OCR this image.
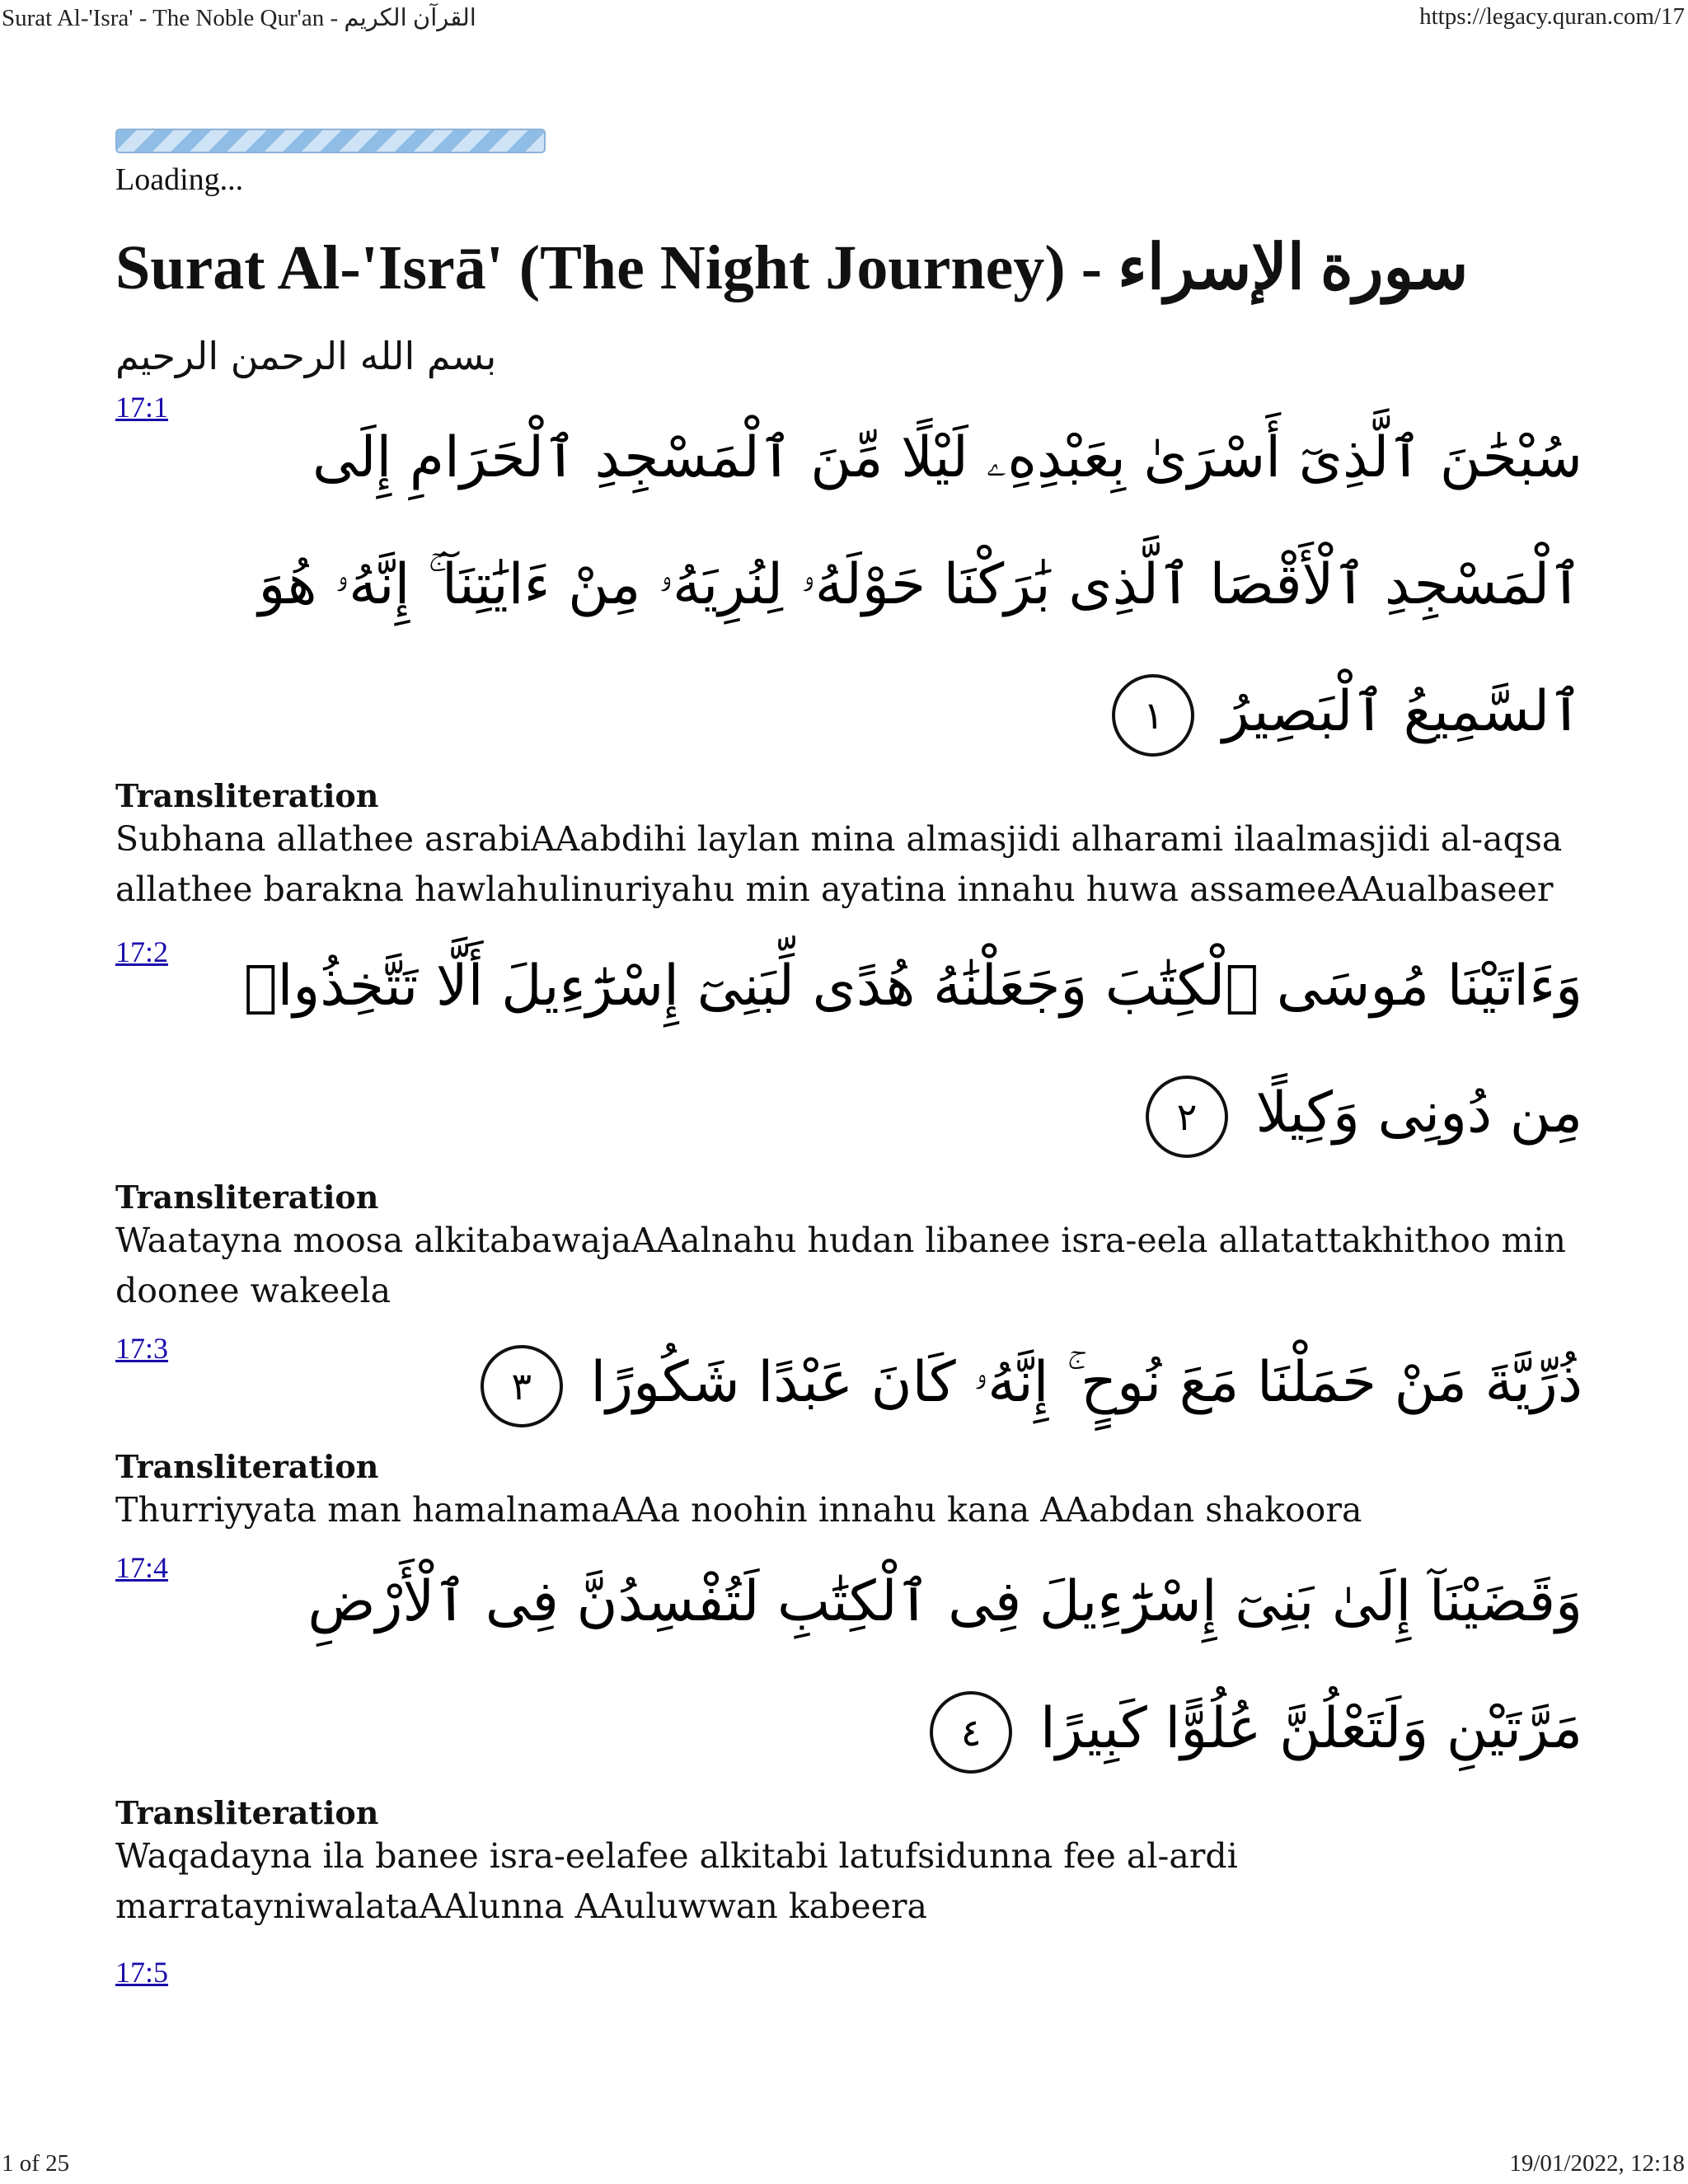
Surat Al-'Isra' - The Noble Qur'an - القرآن الكريم	https://legacy.quran.com/17
Loading...
Surat Al-'Isrā' (The Night Journey) - سورة الإسراء
بسم الله الرحمن الرحيم
17:1
سُبْحَٰنَ ٱلَّذِىٓ أَسْرَىٰ بِعَبْدِهِۦ لَيْلًا مِّنَ ٱلْمَسْجِدِ ٱلْحَرَامِ إِلَى ٱلْمَسْجِدِ ٱلْأَقْصَا ٱلَّذِى بَٰرَكْنَا حَوْلَهُۥ لِنُرِيَهُۥ مِنْ ءَايَٰتِنَآ ۚ إِنَّهُۥ هُوَ ٱلسَّمِيعُ ٱلْبَصِيرُ ١
Transliteration
Subhana allathee asrabiAAabdihi laylan mina almasjidi alharami ilaalmasjidi al-aqsa allathee barakna hawlahulinuriyahu min ayatina innahu huwa assameeAAualbaseer
17:2
وَءَاتَيْنَا مُوسَى ٱلْكِتَٰبَ وَجَعَلْنَٰهُ هُدًى لِّبَنِىٓ إِسْرَٰٓءِيلَ أَلَّا تَتَّخِذُوا۟ مِن دُونِى وَكِيلًا ٢
Transliteration
Waatayna moosa alkitabawajaAAalnahu hudan libanee isra-eela allatattakhithoo min doonee wakeela
17:3
ذُرِّيَّةَ مَنْ حَمَلْنَا مَعَ نُوحٍ ۚ إِنَّهُۥ كَانَ عَبْدًا شَكُورًا ٣
Transliteration
Thurriyyata man hamalnamaAAa noohin innahu kana AAabdan shakoora
17:4
وَقَضَيْنَآ إِلَىٰ بَنِىٓ إِسْرَٰٓءِيلَ فِى ٱلْكِتَٰبِ لَتُفْسِدُنَّ فِى ٱلْأَرْضِ مَرَّتَيْنِ وَلَتَعْلُنَّ عُلُوًّا كَبِيرًا ٤
Transliteration
Waqadayna ila banee isra-eelafee alkitabi latufsidunna fee al-ardi marratayniwalataAAlunna AAuluwwan kabeera
17:5
1 of 25	19/01/2022, 12:18
